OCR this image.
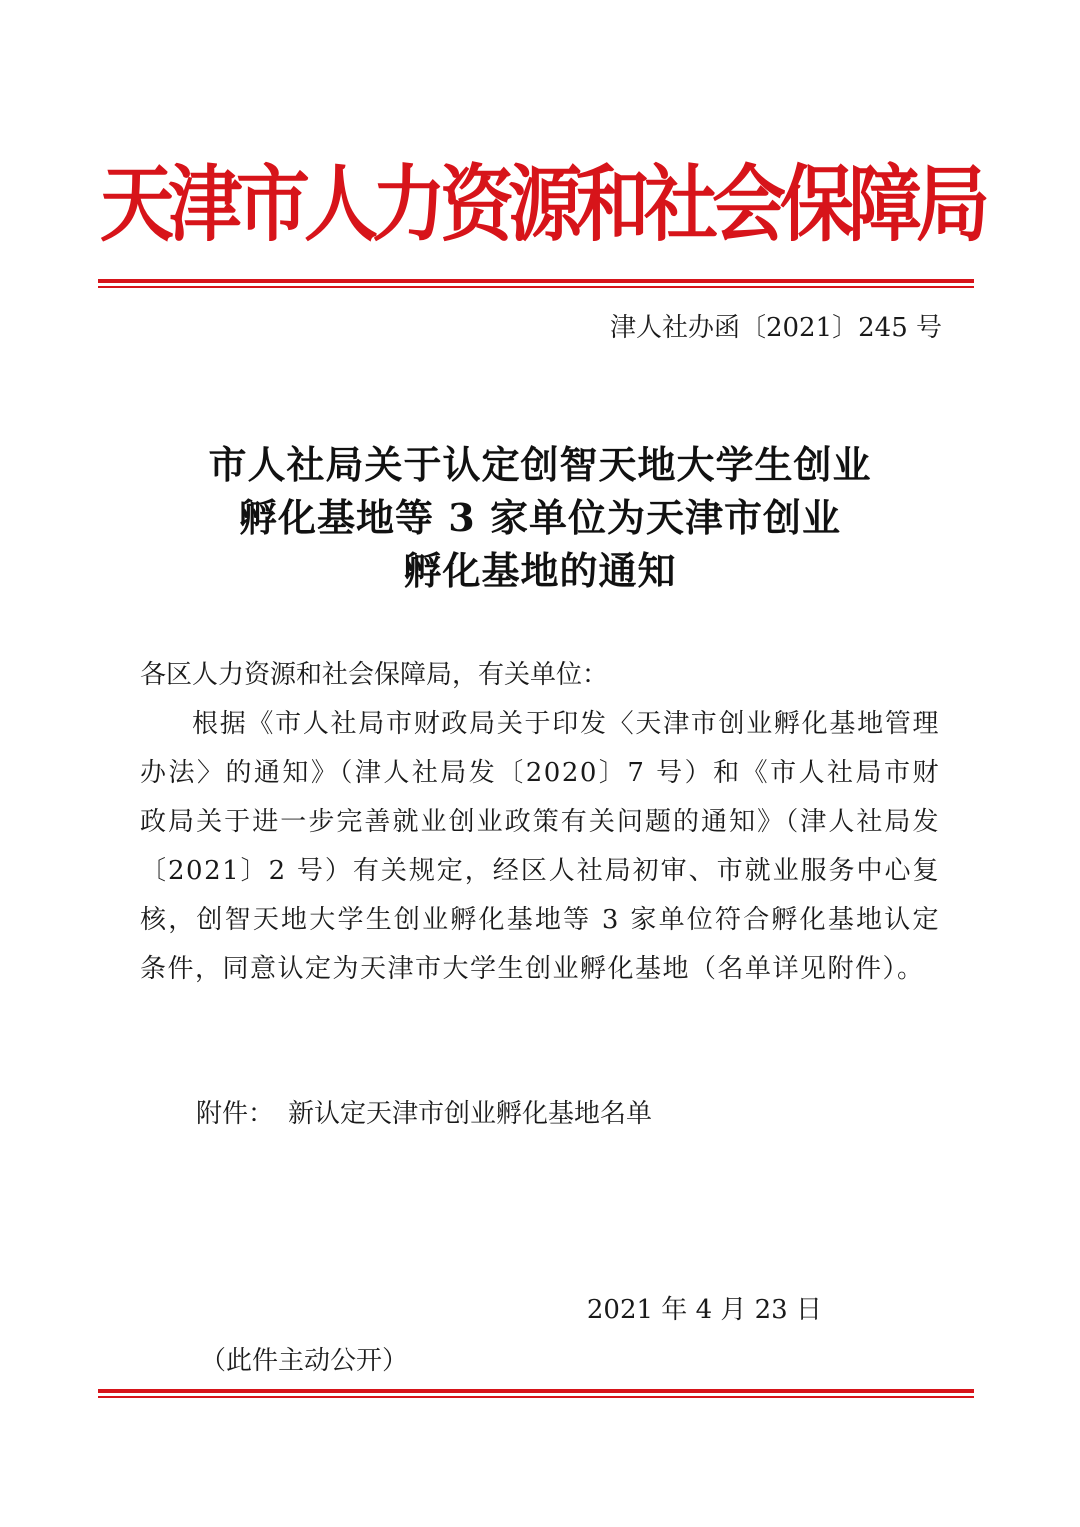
天津市人力资源和社会保障局
津人社办函〔2021〕245 号
市人社局关于认定创智天地大学生创业
孵化基地等 3 家单位为天津市创业
孵化基地的通知
各区人力资源和社会保障局，有关单位：
根据《市人社局市财政局关于印发〈天津市创业孵化基地管理办法〉的通知》（津人社局发〔2020〕7 号）和《市人社局市财政局关于进一步完善就业创业政策有关问题的通知》（津人社局发〔2021〕2 号）有关规定，经区人社局初审、市就业服务中心复核，创智天地大学生创业孵化基地等 3 家单位符合孵化基地认定条件，同意认定为天津市大学生创业孵化基地（名单详见附件）。
附件： 新认定天津市创业孵化基地名单
2021 年 4 月 23 日
（此件主动公开）
